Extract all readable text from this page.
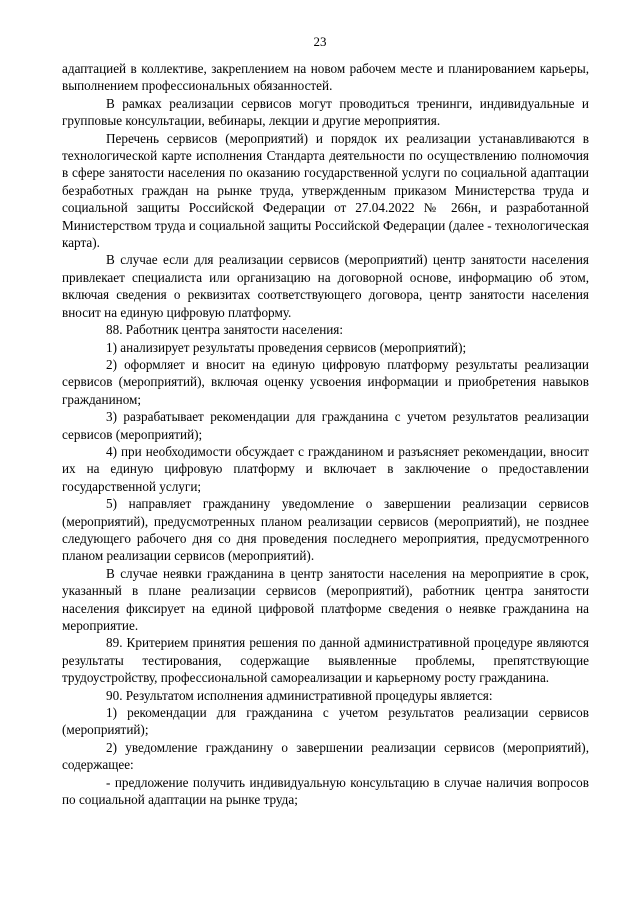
23

адаптацией в коллективе, закреплением на новом рабочем месте и планированием карьеры, выполнением профессиональных обязанностей.

В рамках реализации сервисов могут проводиться тренинги, индивидуальные и групповые консультации, вебинары, лекции и другие мероприятия.

Перечень сервисов (мероприятий) и порядок их реализации устанавливаются в технологической карте исполнения Стандарта деятельности по осуществлению полномочия в сфере занятости населения по оказанию государственной услуги по социальной адаптации безработных граждан на рынке труда, утвержденным приказом Министерства труда и социальной защиты Российской Федерации от 27.04.2022 № 266н, и разработанной Министерством труда и социальной защиты Российской Федерации (далее - технологическая карта).

В случае если для реализации сервисов (мероприятий) центр занятости населения привлекает специалиста или организацию на договорной основе, информацию об этом, включая сведения о реквизитах соответствующего договора, центр занятости населения вносит на единую цифровую платформу.

88. Работник центра занятости населения:

1) анализирует результаты проведения сервисов (мероприятий);

2) оформляет и вносит на единую цифровую платформу результаты реализации сервисов (мероприятий), включая оценку усвоения информации и приобретения навыков гражданином;

3) разрабатывает рекомендации для гражданина с учетом результатов реализации сервисов (мероприятий);

4) при необходимости обсуждает с гражданином и разъясняет рекомендации, вносит их на единую цифровую платформу и включает в заключение о предоставлении государственной услуги;

5) направляет гражданину уведомление о завершении реализации сервисов (мероприятий), предусмотренных планом реализации сервисов (мероприятий), не позднее следующего рабочего дня со дня проведения последнего мероприятия, предусмотренного планом реализации сервисов (мероприятий).

В случае неявки гражданина в центр занятости населения на мероприятие в срок, указанный в плане реализации сервисов (мероприятий), работник центра занятости населения фиксирует на единой цифровой платформе сведения о неявке гражданина на мероприятие.

89. Критерием принятия решения по данной административной процедуре являются результаты тестирования, содержащие выявленные проблемы, препятствующие трудоустройству, профессиональной самореализации и карьерному росту гражданина.

90. Результатом исполнения административной процедуры является:

1) рекомендации для гражданина с учетом результатов реализации сервисов (мероприятий);

2) уведомление гражданину о завершении реализации сервисов (мероприятий), содержащее:

- предложение получить индивидуальную консультацию в случае наличия вопросов по социальной адаптации на рынке труда;
